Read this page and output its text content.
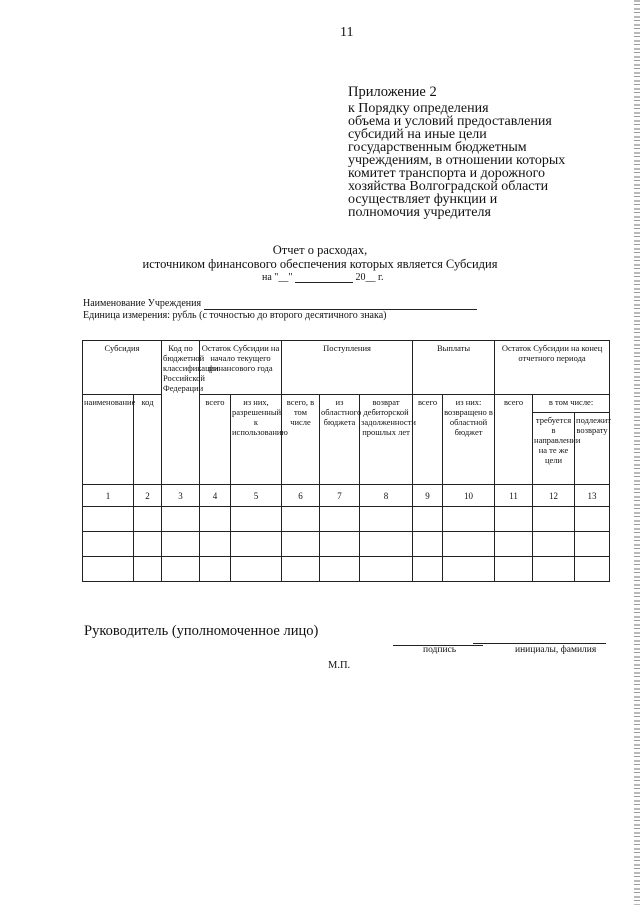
11
Приложение 2
к Порядку определения
объема и условий предоставления
субсидий на иные цели
государственным бюджетным
учреждениям, в отношении которых
комитет транспорта и дорожного
хозяйства Волгоградской области
осуществляет функции и
полномочия учредителя
Отчет о расходах,
источником финансового обеспечения которых является Субсидия
на "__"	20__ г.
Наименование Учреждения
Единица измерения: рубль (с точностью до второго десятичного знака)
Субсидия		Код по бюджетной классификации Российской Федерации	Остаток Субсидии на начало текущего финансового года		Поступления			Выплаты		Остаток Субсидии на конец отчетного периода		
наименование	код		всего	из них, разрешенный к использованию	всего, в том числе	из областного бюджета	возврат дебиторской задолженности прошлых лет	всего	из них: возвращено в областной бюджет	всего	в том числе:	
											требуется в направлении на те же цели	подлежит возврату
1	2	3	4	5	6	7	8	9	10	11	12	13

Руководитель (уполномоченное лицо)
подпись	инициалы, фамилия
М.П.
